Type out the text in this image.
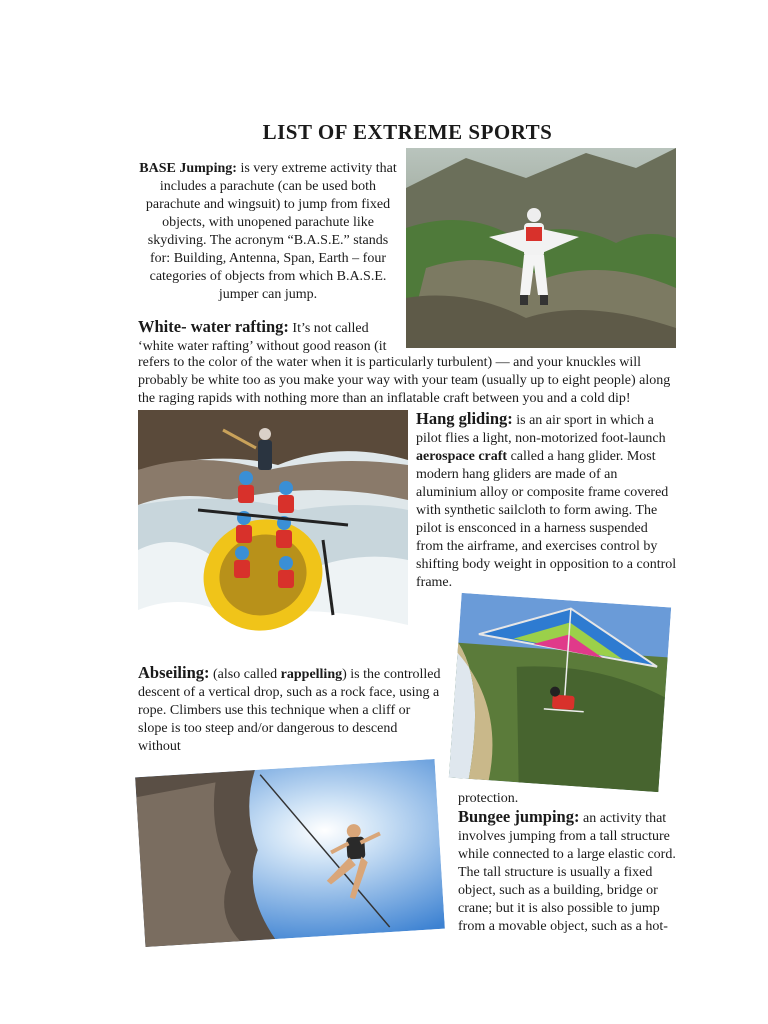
LIST OF EXTREME SPORTS
BASE Jumping: is very extreme activity that includes a parachute (can be used both parachute and wingsuit) to jump from fixed objects, with unopened parachute like skydiving. The acronym “B.A.S.E.” stands for: Building, Antenna, Span, Earth – four categories of objects from which B.A.S.E. jumper can jump.
White- water rafting: It’s not called
‘white water rafting’ without good reason (it
refers to the color of the water when it is particularly turbulent) — and your knuckles will probably be white too as you make your way with your team (usually up to eight people) along the raging rapids with nothing more than an inflatable craft between you and a cold dip!
Hang gliding: is an air sport in which a pilot flies a light, non-motorized foot-launch aerospace craft called a hang glider. Most modern hang gliders are made of an aluminium alloy or composite frame covered with synthetic sailcloth to form awing. The pilot is ensconced in a harness suspended from the airframe, and exercises control by shifting body weight in opposition to a control frame.
Abseiling: (also called rappelling) is the controlled descent of a vertical drop, such as a rock face, using a rope. Climbers use this technique when a cliff or slope is too steep and/or dangerous to descend without
protection.
Bungee jumping: an activity that involves jumping from a tall structure while connected to a large elastic cord. The tall structure is usually a fixed object, such as a building, bridge or crane; but it is also possible to jump from a movable object, such as a hot-
